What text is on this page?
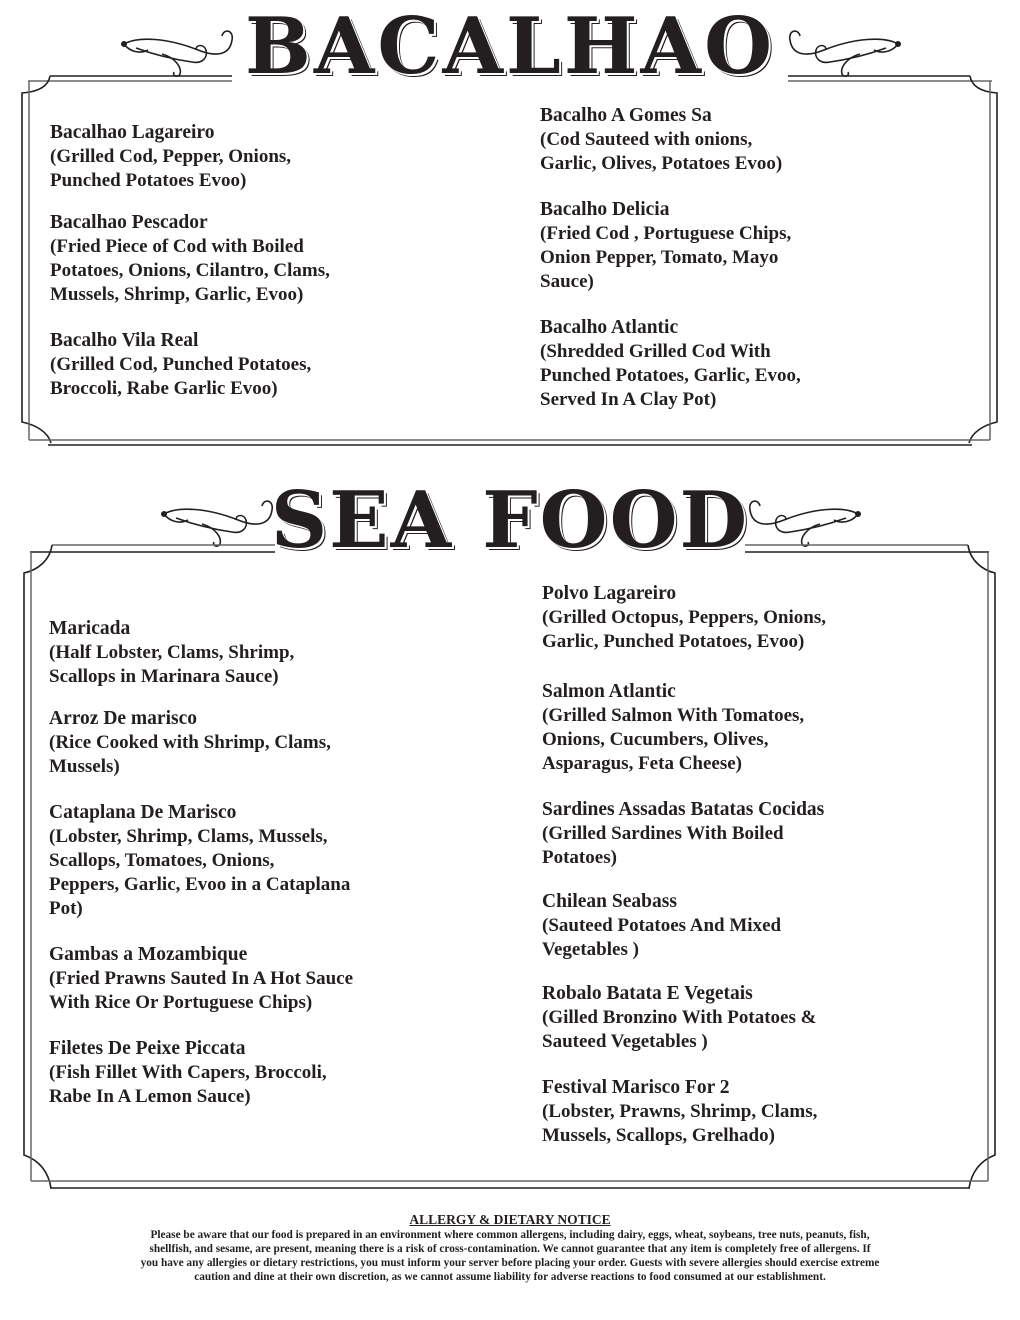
BACALHAO
Bacalhao Lagareiro
(Grilled Cod, Pepper, Onions,
Punched Potatoes Evoo)
Bacalhao Pescador
(Fried Piece of Cod with Boiled
Potatoes, Onions, Cilantro, Clams,
Mussels, Shrimp, Garlic, Evoo)
Bacalho Vila Real
(Grilled Cod, Punched Potatoes,
Broccoli, Rabe Garlic Evoo)
Bacalho A Gomes Sa
(Cod Sauteed with onions,
Garlic, Olives, Potatoes Evoo)
Bacalho Delicia
(Fried Cod , Portuguese Chips,
Onion Pepper, Tomato, Mayo
Sauce)
Bacalho Atlantic
(Shredded Grilled Cod With
Punched Potatoes, Garlic, Evoo,
Served In A Clay Pot)
SEA FOOD
Maricada
(Half Lobster, Clams, Shrimp,
Scallops in Marinara Sauce)
Arroz De marisco
(Rice Cooked with Shrimp, Clams,
Mussels)
Cataplana De Marisco
(Lobster, Shrimp, Clams, Mussels,
Scallops, Tomatoes, Onions,
Peppers, Garlic, Evoo in a Cataplana
Pot)
Gambas a Mozambique
(Fried Prawns Sauted In A Hot Sauce
With Rice Or Portuguese Chips)
Filetes De Peixe Piccata
(Fish Fillet With Capers, Broccoli,
Rabe In A Lemon Sauce)
Polvo Lagareiro
(Grilled Octopus, Peppers, Onions,
Garlic, Punched Potatoes, Evoo)
Salmon Atlantic
(Grilled Salmon With Tomatoes,
Onions, Cucumbers, Olives,
Asparagus, Feta Cheese)
Sardines Assadas Batatas Cocidas
(Grilled Sardines With Boiled
Potatoes)
Chilean Seabass
(Sauteed Potatoes And Mixed
Vegetables )
Robalo Batata E Vegetais
(Gilled Bronzino With Potatoes &
Sauteed Vegetables )
Festival Marisco For 2
(Lobster, Prawns, Shrimp, Clams,
Mussels, Scallops, Grelhado)
ALLERGY & DIETARY NOTICE
Please be aware that our food is prepared in an environment where common allergens, including dairy, eggs, wheat, soybeans, tree nuts, peanuts, fish,
shellfish, and sesame, are present, meaning there is a risk of cross-contamination. We cannot guarantee that any item is completely free of allergens. If
you have any allergies or dietary restrictions, you must inform your server before placing your order. Guests with severe allergies should exercise extreme
caution and dine at their own discretion, as we cannot assume liability for adverse reactions to food consumed at our establishment.
